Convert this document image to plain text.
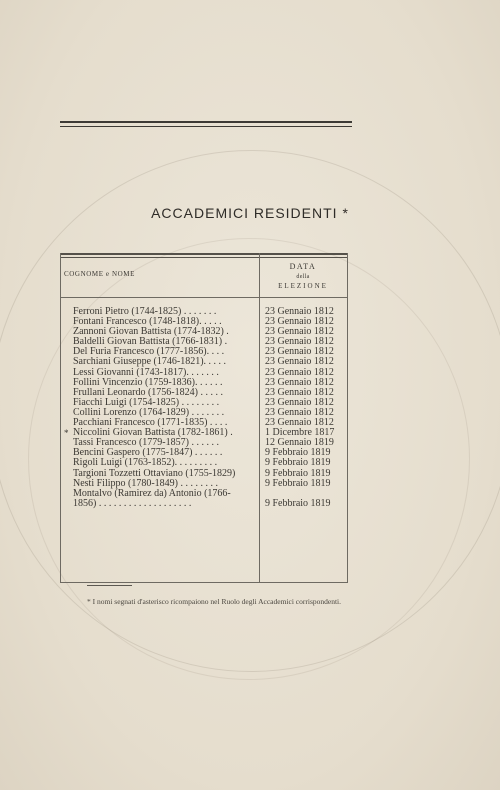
ACCADEMICI RESIDENTI *
COGNOME e NOME
DATA
della
ELEZIONE
Ferroni Pietro (1744-1825) . . . . . . .	23 Gennaio 1812
Fontani Francesco (1748-1818). . . . .	23 Gennaio 1812
Zannoni Giovan Battista (1774-1832) .	23 Gennaio 1812
Baldelli Giovan Battista (1766-1831) .	23 Gennaio 1812
Del Furia Francesco (1777-1856). . . .	23 Gennaio 1812
Sarchiani Giuseppe (1746-1821). . . . .	23 Gennaio 1812
Lessi Giovanni (1743-1817). . . . . . .	23 Gennaio 1812
Follini Vincenzio (1759-1836). . . . . .	23 Gennaio 1812
Frullani Leonardo (1756-1824) . . . . .	23 Gennaio 1812
Fiacchi Luigi (1754-1825) . . . . . . . .	23 Gennaio 1812
Collini Lorenzo (1764-1829) . . . . . . .	23 Gennaio 1812
Pacchiani Francesco (1771-1835) . . . .	23 Gennaio 1812
* Niccolini Giovan Battista (1782-1861) .	1 Dicembre 1817
Tassi Francesco (1779-1857) . . . . . .	12 Gennaio 1819
Bencini Gaspero (1775-1847) . . . . . .	9 Febbraio 1819
Rigoli Luigi (1763-1852). . . . . . . . .	9 Febbraio 1819
Targioni Tozzetti Ottaviano (1755-1829)	9 Febbraio 1819
Nesti Filippo (1780-1849) . . . . . . . .	9 Febbraio 1819
Montalvo (Ramirez da) Antonio (1766-
1856) . . . . . . . . . . . . . . . . . . .	9 Febbraio 1819
* I nomi segnati d'asterisco ricompaiono nel Ruolo degli Accademici corrispondenti.
